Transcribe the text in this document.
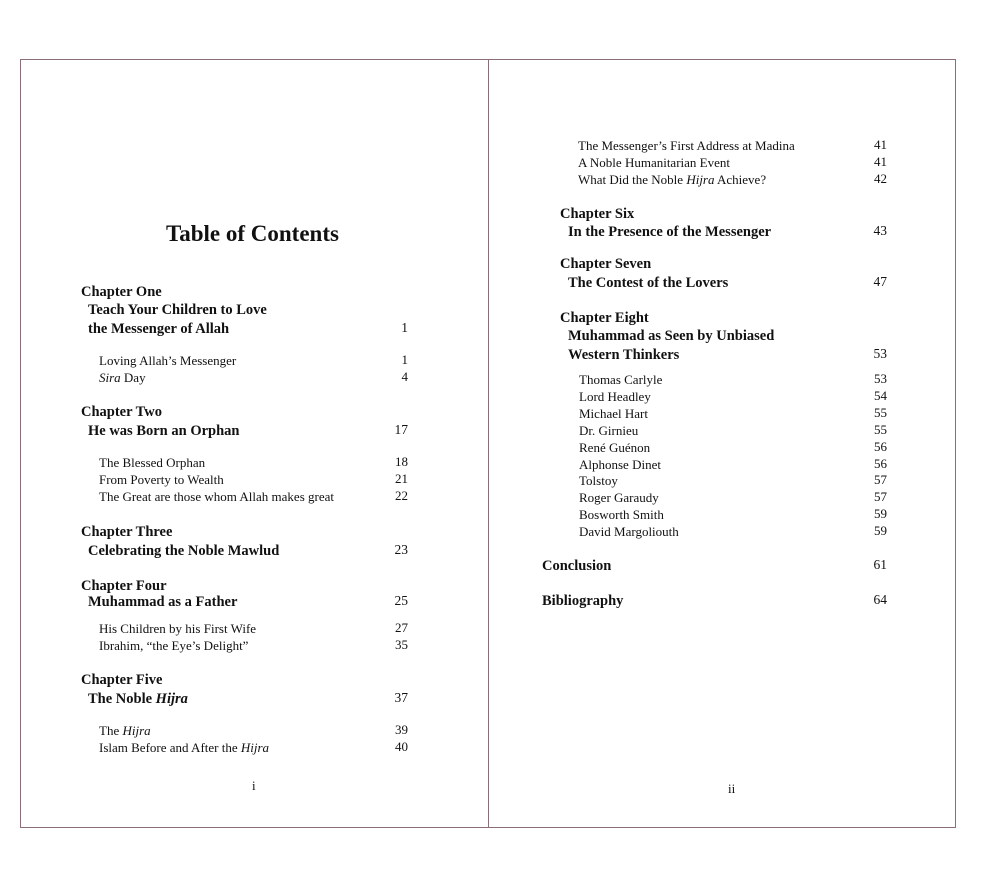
Table of Contents
Chapter One
Teach Your Children to Love
the Messenger of Allah	1
Loving Allah’s Messenger	1
Sira Day	4
Chapter Two
He was Born an Orphan	17
The Blessed Orphan	18
From Poverty to Wealth	21
The Great are those whom Allah makes great	22
Chapter Three
Celebrating the Noble Mawlud	23
Chapter Four
Muhammad as a Father	25
His Children by his First Wife	27
Ibrahim, “the Eye’s Delight”	35
Chapter Five
The Noble Hijra	37
The Hijra	39
Islam Before and After the Hijra	40
i
The Messenger’s First Address at Madina	41
A Noble Humanitarian Event	41
What Did the Noble Hijra Achieve?	42
Chapter Six
In the Presence of the Messenger	43
Chapter Seven
The Contest of the Lovers	47
Chapter Eight
Muhammad as Seen by Unbiased
Western Thinkers	53
Thomas Carlyle	53
Lord Headley	54
Michael Hart	55
Dr. Girnieu	55
René Guénon	56
Alphonse Dinet	56
Tolstoy	57
Roger Garaudy	57
Bosworth Smith	59
David Margoliouth	59
Conclusion	61
Bibliography	64
ii
